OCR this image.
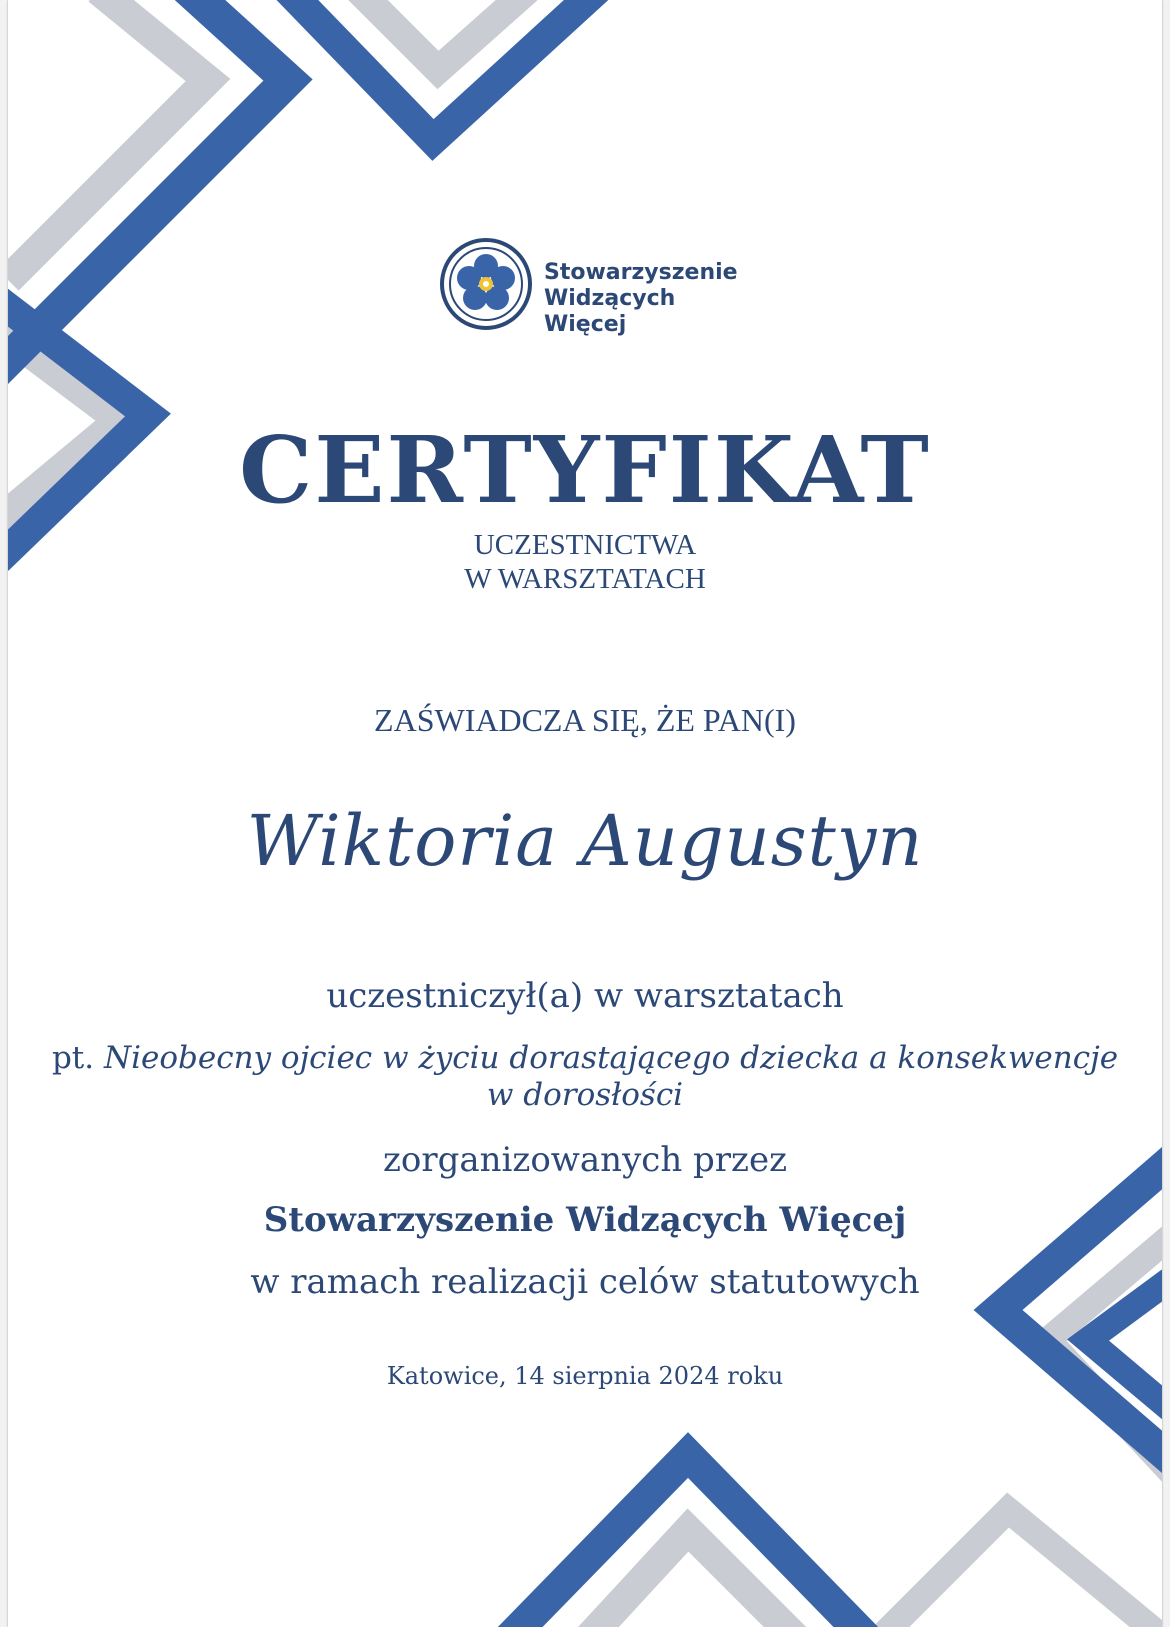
Stowarzyszenie
Widzących Więcej
CERTYFIKAT
UCZESTNICTWA
W WARSZTATACH
ZAŚWIADCZA SIĘ, ŻE PAN(I)
Wiktoria Augustyn
uczestniczył(a) w warsztatach
pt. Nieobecny ojciec w życiu dorastającego dziecka a konsekwencje w dorosłości
zorganizowanych przez
Stowarzyszenie Widzących Więcej
w ramach realizacji celów statutowych
Katowice, 14 sierpnia 2024 roku
